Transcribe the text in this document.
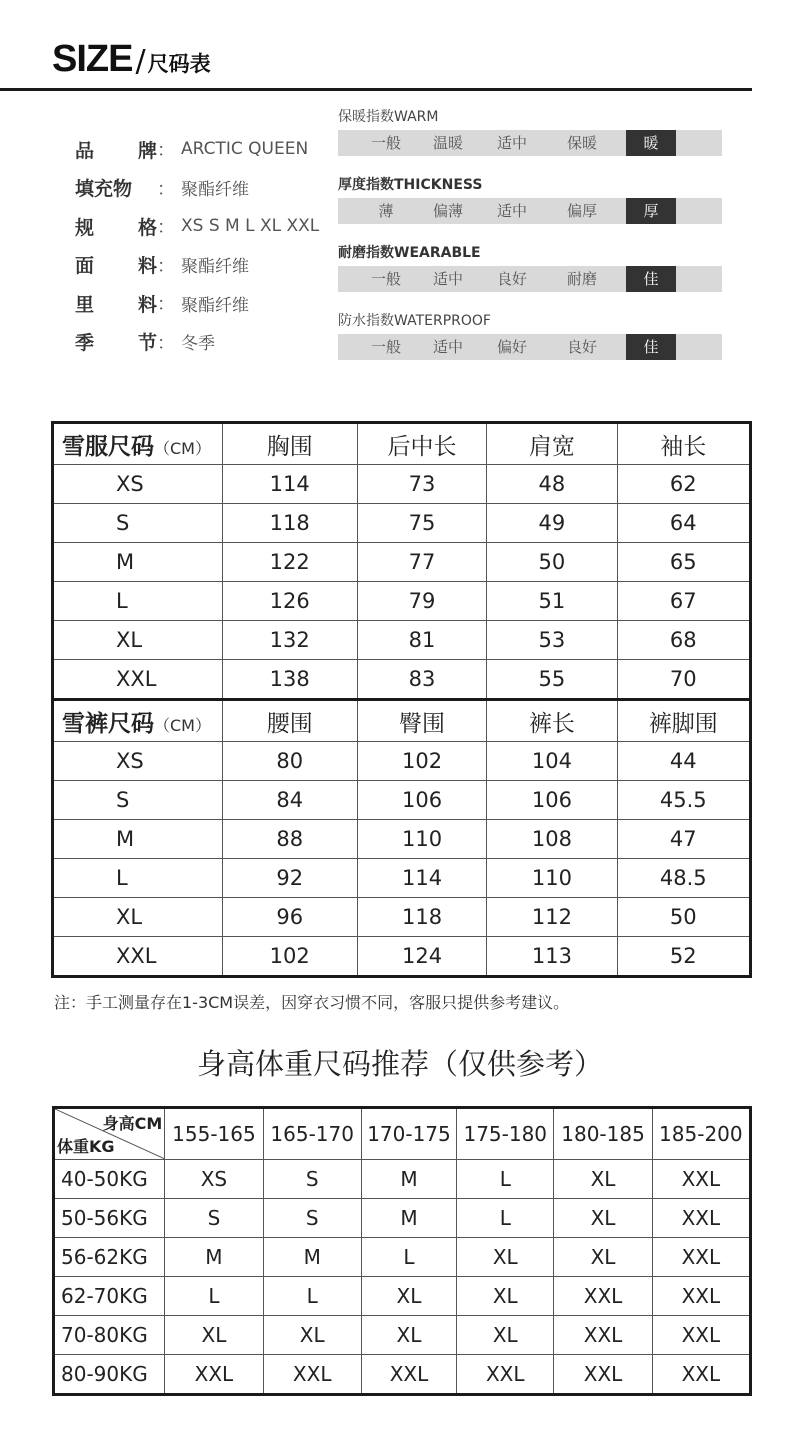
SIZE / 尺码表
品 牌 ： ARCTIC QUEEN
填充物 ： 聚酯纤维
规 格 ： XS S M L XL XXL
面 料 ： 聚酯纤维
里 料 ： 聚酯纤维
季 节 ： 冬季
保暖指数WARM
一般	温暖	适中	保暖	暖
厚度指数THICKNESS
薄	偏薄	适中	偏厚	厚
耐磨指数WEARABLE
一般	适中	良好	耐磨	佳
防水指数WATERPROOF
一般	适中	偏好	良好	佳
雪服尺码（CM）	胸围	后中长	肩宽	袖长
XS	114	73	48	62
S	118	75	49	64
M	122	77	50	65
L	126	79	51	67
XL	132	81	53	68
XXL	138	83	55	70
雪裤尺码（CM）	腰围	臀围	裤长	裤脚围
XS	80	102	104	44
S	84	106	106	45.5
M	88	110	108	47
L	92	114	110	48.5
XL	96	118	112	50
XXL	102	124	113	52
注：手工测量存在1-3CM误差，因穿衣习惯不同，客服只提供参考建议。
身高体重尺码推荐（仅供参考）
身高CM
体重KG	155-165	165-170	170-175	175-180	180-185	185-200
40-50KG	XS	S	M	L	XL	XXL
50-56KG	S	S	M	L	XL	XXL
56-62KG	M	M	L	XL	XL	XXL
62-70KG	L	L	XL	XL	XXL	XXL
70-80KG	XL	XL	XL	XL	XXL	XXL
80-90KG	XXL	XXL	XXL	XXL	XXL	XXL
